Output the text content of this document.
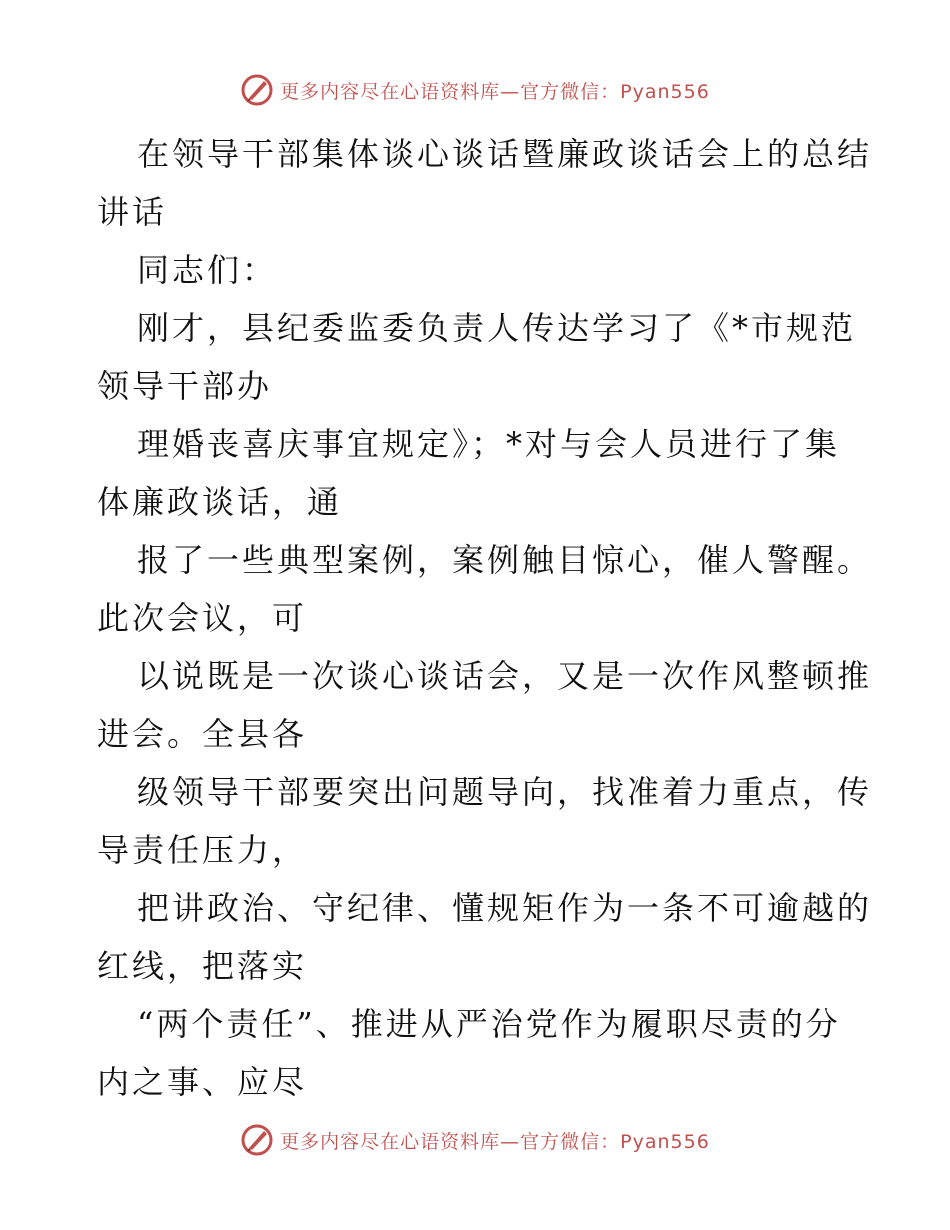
更多内容尽在心语资料库—官方微信：Pyan556
在领导干部集体谈心谈话暨廉政谈话会上的总结
讲话
同志们：
刚才，县纪委监委负责人传达学习了《*市规范
领导干部办
理婚丧喜庆事宜规定》；*对与会人员进行了集
体廉政谈话，通
报了一些典型案例，案例触目惊心，催人警醒。
此次会议，可
以说既是一次谈心谈话会，又是一次作风整顿推
进会。全县各
级领导干部要突出问题导向，找准着力重点，传
导责任压力，
把讲政治、守纪律、懂规矩作为一条不可逾越的
红线，把落实
“两个责任”、推进从严治党作为履职尽责的分
内之事、应尽
更多内容尽在心语资料库—官方微信：Pyan556
